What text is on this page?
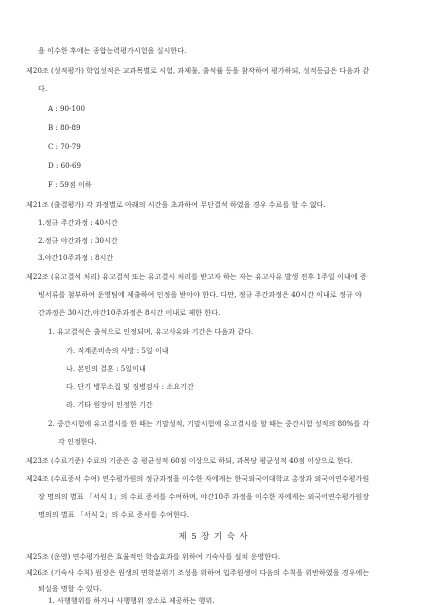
을 이수한 후에는 종합능력평가시험을 실시한다.
제20조 (성적평가) 학업성적은 교과목별로 시험, 과제물, 출석률 등을 참작하여 평가하되, 성적등급은 다음과 같
다.
A : 90-100
B : 80-89
C : 70-79
D : 60-69
F : 59점 이하
제21조 (출결평가) 각 과정별로 아래의 시간을 초과하여 무단결석 하였을 경우 수료를 할 수 없다.
1.정규 주간과정 : 40시간
2.정규 야간과정 : 30시간
3.야간10주과정 : 8시간
제22조 (유고결석 처리) 유고결석 또는 유고결시 처리를 받고자 하는 자는 유고사유 발생 전후 1주일 이내에 증
빙서류를 첨부하여 운영팀에 제출하여 인정을 받아야 한다. 다만, 정규 주간과정은 40시간 이내로 정규 야
간과정은 30시간,야간10주과정은 8시간 이내로 제한 한다.
1. 유고결석은 출석으로 인정되며, 유고사유와 기간은 다음과 같다.
가. 직계존비속의 사망 : 5일 이내
나. 본인의 결혼 : 5일이내
다. 단기 병무소집 및 징병검사 : 소요기간
라. 기타 원장이 인정한 기간
2. 중간시험에 유고결시를 한 때는 기말성적, 기말시험에 유고결시를 할 때는 중간시험 성적의 80%를 각
각 인정한다.
제23조 (수료기준) 수료의 기준은 총 평균성적 60점 이상으로 하되, 과목당 평균성적 40점 이상으로 한다.
제24조 (수료증서 수여) 연수평가원의 정규과정을 이수한 자에게는 한국외국어대학교 총장과 외국어연수평가원
장 명의의 별표 「서식 1」의 수료 증서를 수여하며, 야간10주 과정을 이수한 자에게는 외국어연수평가원장
명의의 별표 「서식 2」의 수료 증서를 수여한다.
제 5 장 기 숙 사
제25조 (운영) 연수평가원은 효율적인 학습효과를 위하여 기숙사를 설치 운영한다.
제26조 (기숙사 수칙) 원장은 원생의 면학분위기 조성을 위하여 입주원생이 다음의 수칙을 위반하였을 경우에는
퇴실을 명할 수 있다.
1. 사행행위를 하거나 사행행위 장소로 제공하는 행위.
